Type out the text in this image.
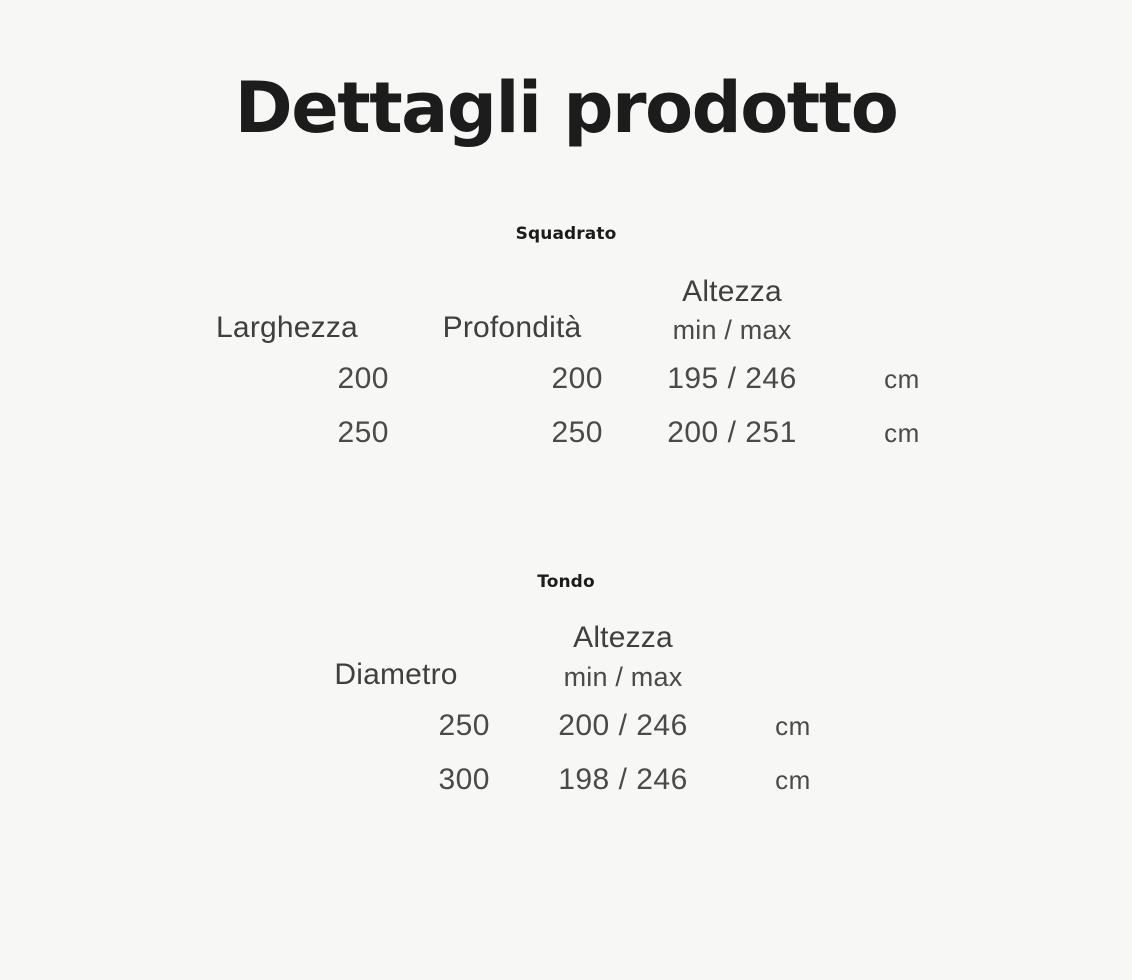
Dettagli prodotto
Squadrato
Larghezza	Profondità	Altezza
min / max	

200	200	195 / 246	cm
250	250	200 / 251	cm
Tondo
Diametro	Altezza
min / max	

250	200 / 246	cm
300	198 / 246	cm
